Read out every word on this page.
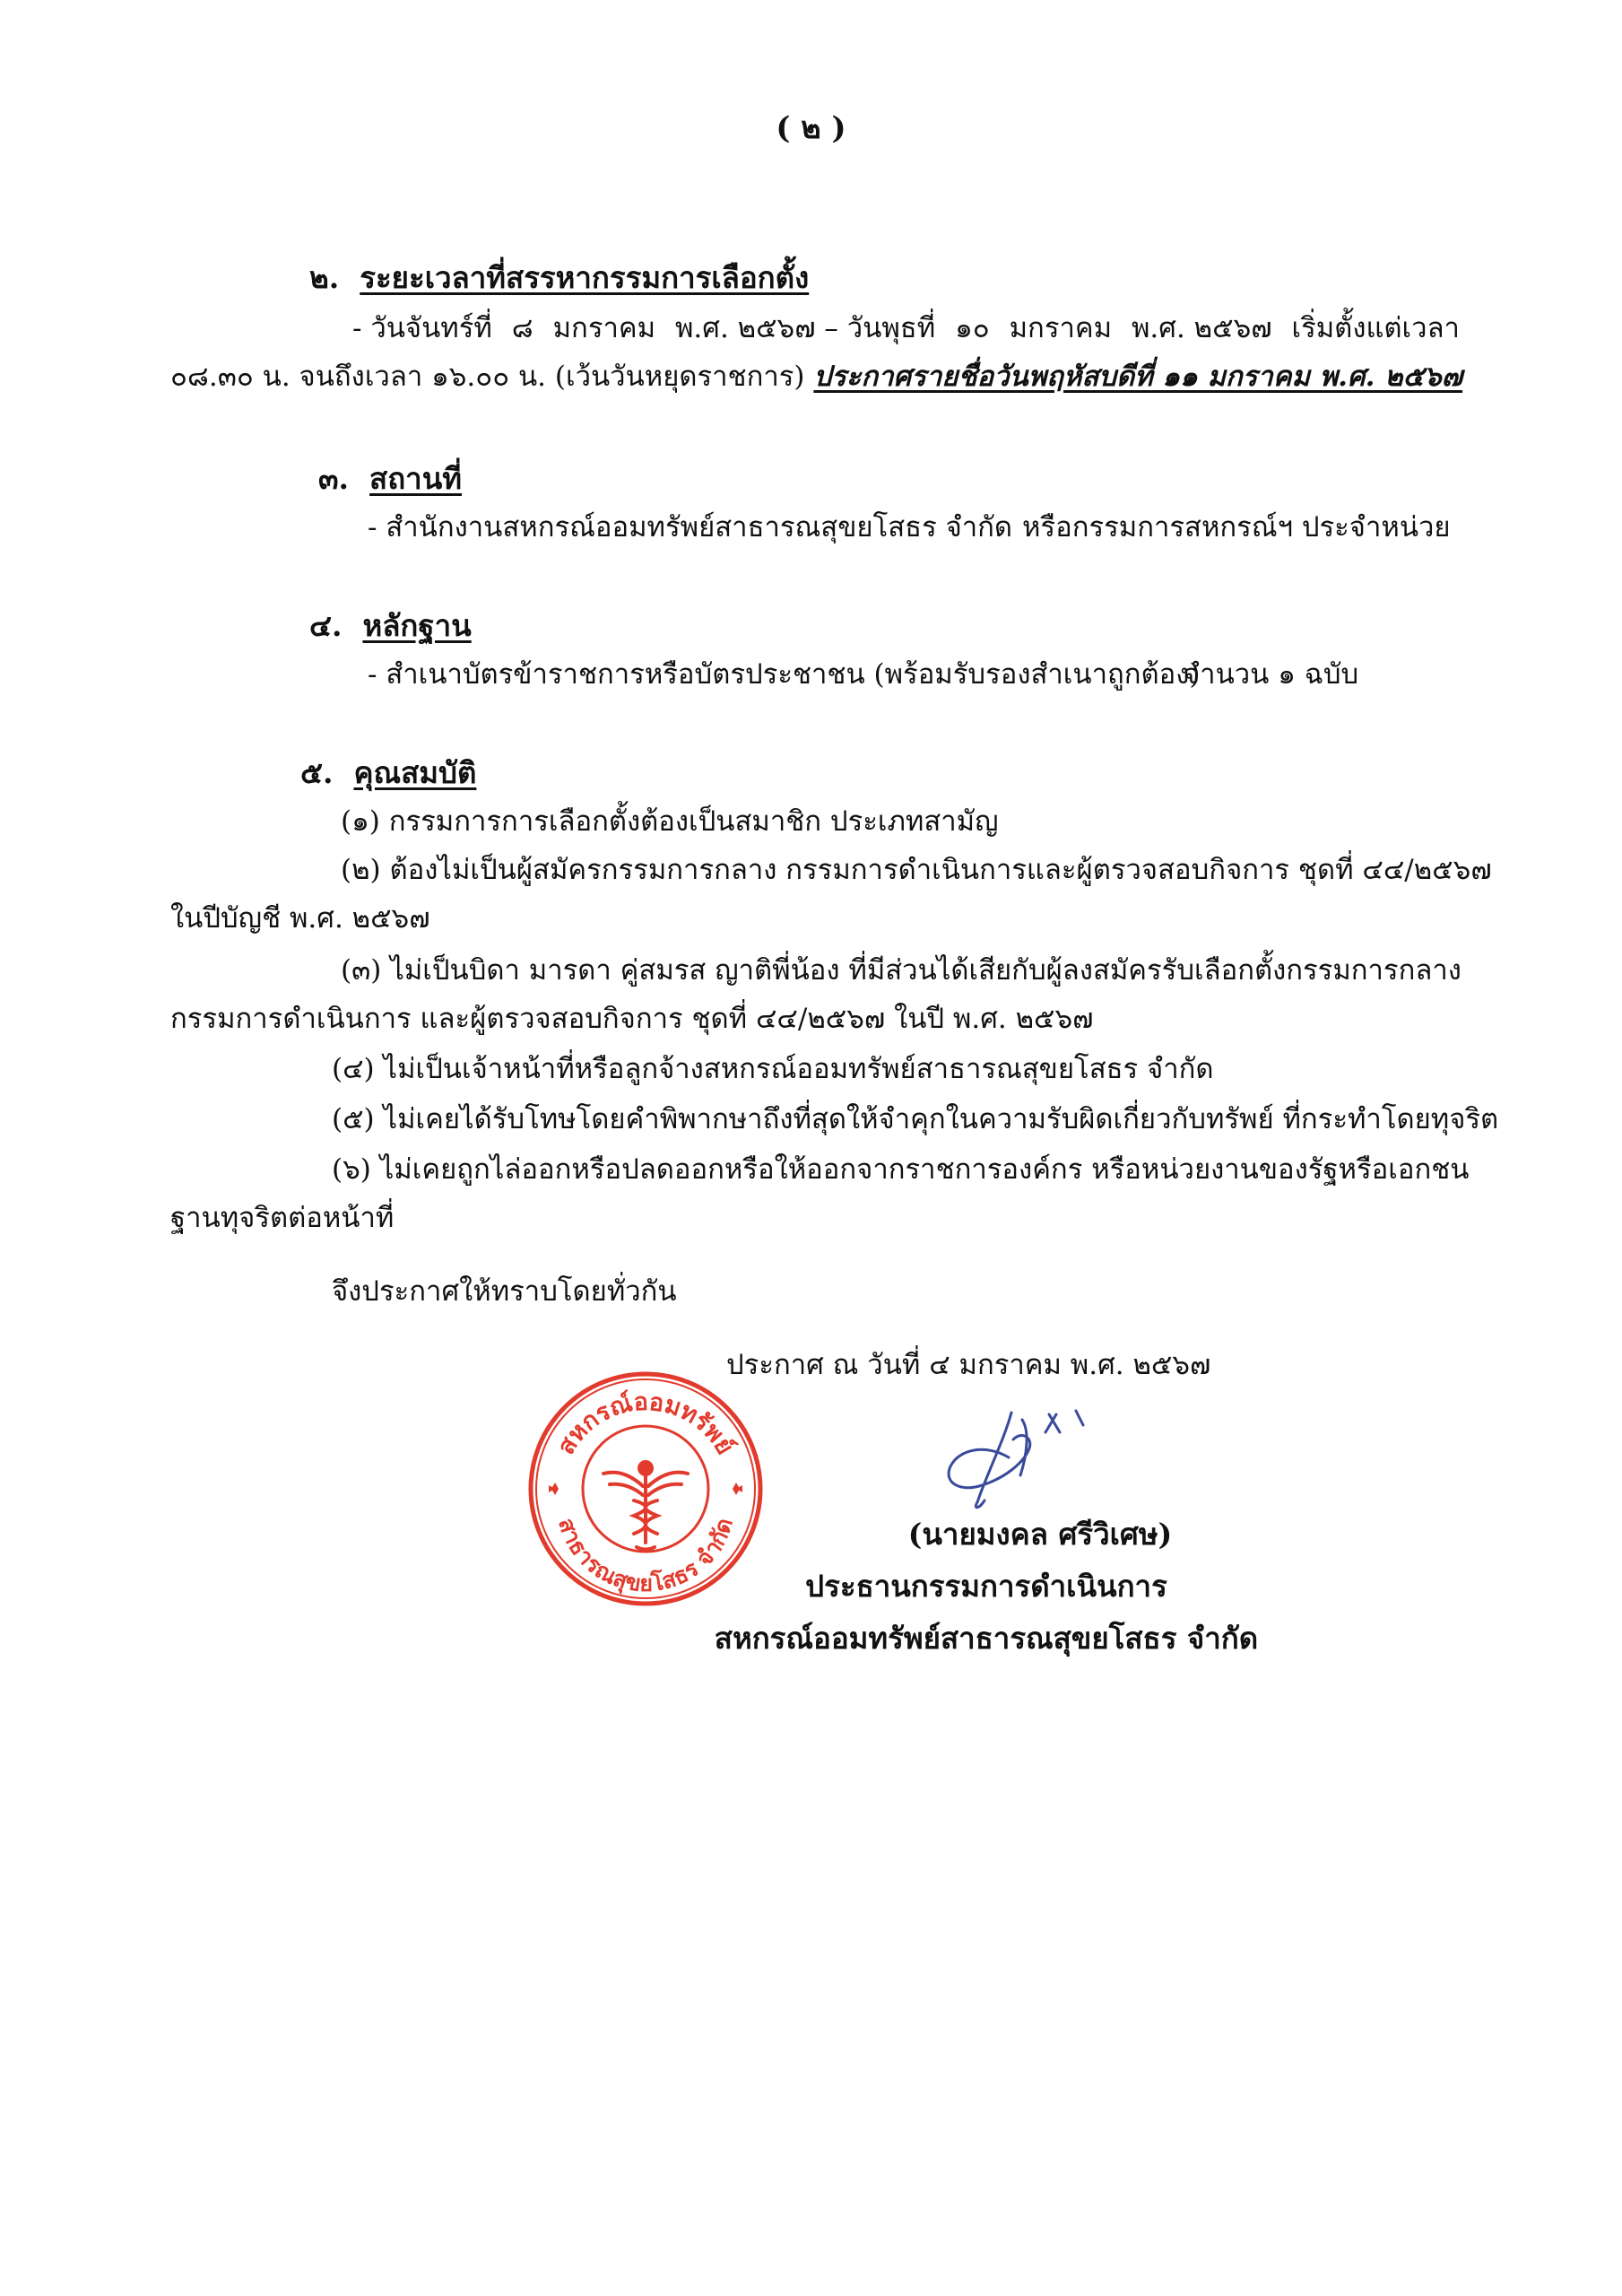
( ๒ )
๒. ระยะเวลาที่สรรหากรรมการเลือกตั้ง
- วันจันทร์ที่ ๘ มกราคม พ.ศ. ๒๕๖๗ – วันพุธที่ ๑๐ มกราคม พ.ศ. ๒๕๖๗ เริ่มตั้งแต่เวลา
๐๘.๓๐ น. จนถึงเวลา ๑๖.๐๐ น. (เว้นวันหยุดราชการ) ประกาศรายชื่อวันพฤหัสบดีที่ ๑๑ มกราคม พ.ศ. ๒๕๖๗
๓. สถานที่
- สำนักงานสหกรณ์ออมทรัพย์สาธารณสุขยโสธร จำกัด หรือกรรมการสหกรณ์ฯ ประจำหน่วย
๔. หลักฐาน
- สำเนาบัตรข้าราชการหรือบัตรประชาชน (พร้อมรับรองสำเนาถูกต้อง)
จำนวน ๑ ฉบับ
๕. คุณสมบัติ
(๑) กรรมการการเลือกตั้งต้องเป็นสมาชิก ประเภทสามัญ
(๒) ต้องไม่เป็นผู้สมัครกรรมการกลาง กรรมการดำเนินการและผู้ตรวจสอบกิจการ ชุดที่ ๔๔/๒๕๖๗
ในปีบัญชี พ.ศ. ๒๕๖๗
(๓) ไม่เป็นบิดา มารดา คู่สมรส ญาติพี่น้อง ที่มีส่วนได้เสียกับผู้ลงสมัครรับเลือกตั้งกรรมการกลาง
กรรมการดำเนินการ และผู้ตรวจสอบกิจการ ชุดที่ ๔๔/๒๕๖๗ ในปี พ.ศ. ๒๕๖๗
(๔) ไม่เป็นเจ้าหน้าที่หรือลูกจ้างสหกรณ์ออมทรัพย์สาธารณสุขยโสธร จำกัด
(๕) ไม่เคยได้รับโทษโดยคำพิพากษาถึงที่สุดให้จำคุกในความรับผิดเกี่ยวกับทรัพย์ ที่กระทำโดยทุจริต
(๖) ไม่เคยถูกไล่ออกหรือปลดออกหรือให้ออกจากราชการองค์กร หรือหน่วยงานของรัฐหรือเอกชน
ฐานทุจริตต่อหน้าที่
จึงประกาศให้ทราบโดยทั่วกัน
ประกาศ ณ วันที่ ๔ มกราคม พ.ศ. ๒๕๖๗
สหกรณ์ออมทรัพย์
สาธารณสุขยโสธร จำกัด	(นายมงคล ศรีวิเศษ)
ประธานกรรมการดำเนินการ
สหกรณ์ออมทรัพย์สาธารณสุขยโสธร จำกัด
